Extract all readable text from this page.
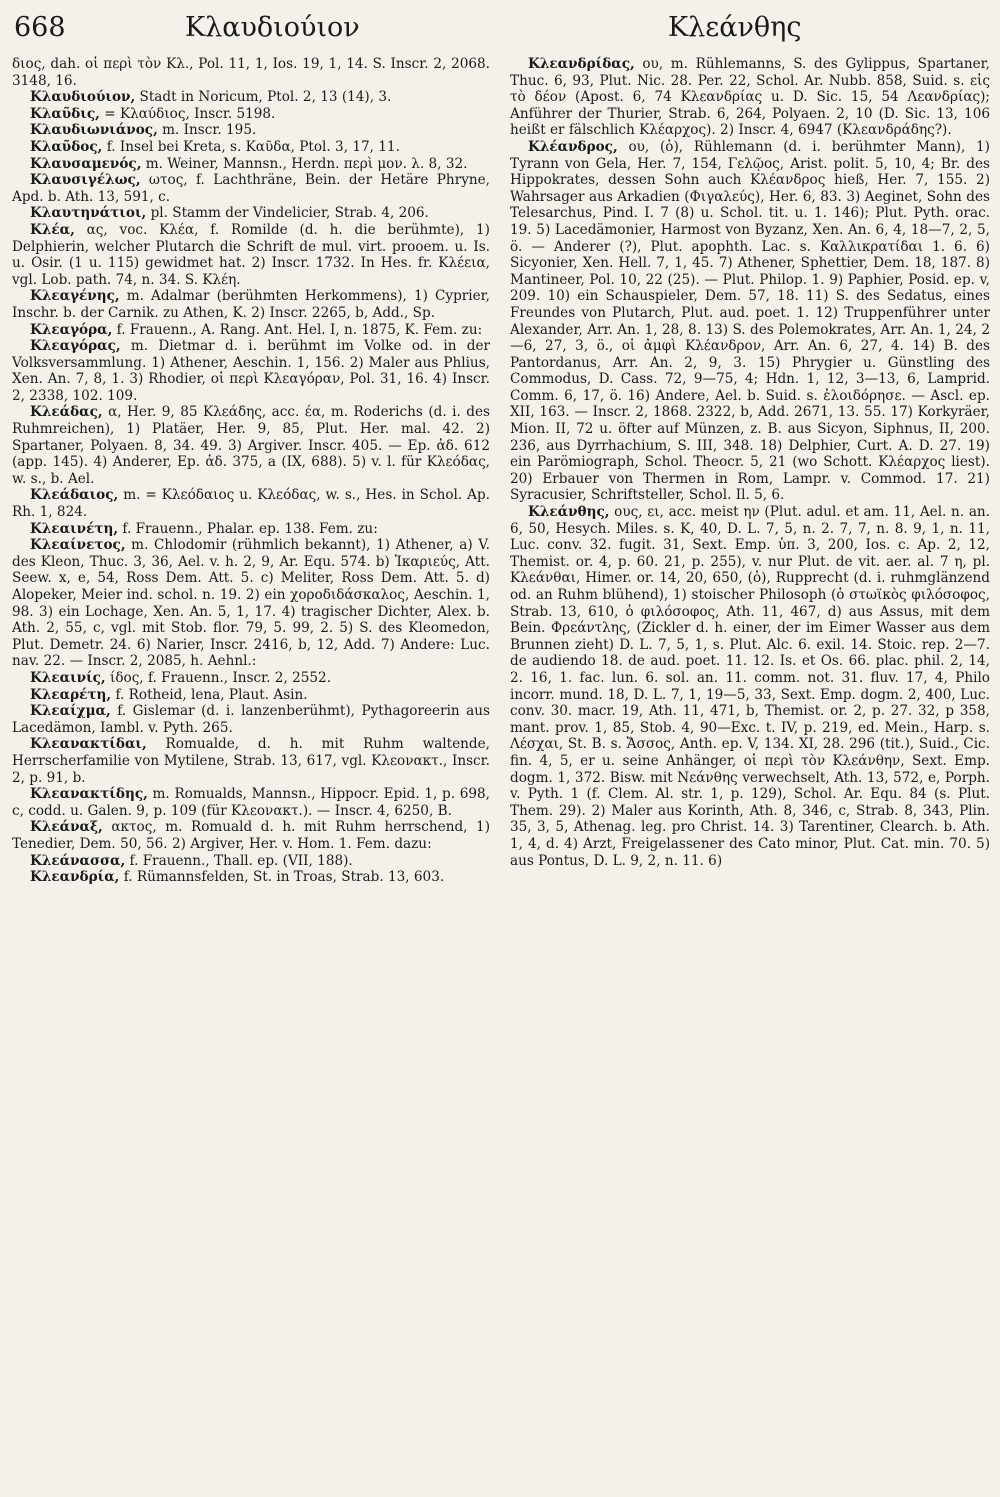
668	Κλαυδιούιον	Κλεάνθης

διος, dah. οἱ περὶ τὸν Κλ., Pol. 11, 1, Ios. 19, 1, 14. S. Inscr. 2, 2068. 3148, 16.

Κλαυδιούιον, Stadt in Noricum, Ptol. 2, 13 (14), 3.

Κλαῦδις, = Κλαύδιος, Inscr. 5198.

Κλαυδιωνιάνος, m. Inscr. 195.

Κλαῦδος, f. Insel bei Kreta, s. Καῦδα, Ptol. 3, 17, 11.

Κλαυσαμενός, m. Weiner, Mannsn., Herdn. περὶ μον. λ. 8, 32.

Κλαυσιγέλως, ωτος, f. Lachthräne, Bein. der Hetäre Phryne, Apd. b. Ath. 13, 591, c.

Κλαυτηνάτιοι, pl. Stamm der Vindelicier, Strab. 4, 206.

Κλέα, ας, voc. Κλέα, f. Romilde (d. h. die berühmte), 1) Delphierin, welcher Plutarch die Schrift de mul. virt. prooem. u. Is. u. Osir. (1 u. 115) gewidmet hat. 2) Inscr. 1732. In Hes. fr. Κλέεια, vgl. Lob. path. 74, n. 34. S. Κλέη.

Κλεαγένης, m. Adalmar (berühmten Herkommens), 1) Cyprier, Inschr. b. der Carnik. zu Athen, K. 2) Inscr. 2265, b, Add., Sp.

Κλεαγόρα, f. Frauenn., A. Rang. Ant. Hel. I, n. 1875, K. Fem. zu:

Κλεαγόρας, m. Dietmar d. i. berühmt im Volke od. in der Volksversammlung. 1) Athener, Aeschin. 1, 156. 2) Maler aus Phlius, Xen. An. 7, 8, 1. 3) Rhodier, οἱ περὶ Κλεαγόραν, Pol. 31, 16. 4) Inscr. 2, 2338, 102. 109.

Κλεάδας, α, Her. 9, 85 Κλεάδης, acc. έα, m. Roderichs (d. i. des Ruhmreichen), 1) Platäer, Her. 9, 85, Plut. Her. mal. 42. 2) Spartaner, Polyaen. 8, 34. 49. 3) Argiver. Inscr. 405. — Ep. ἀδ. 612 (app. 145). 4) Anderer, Ep. ἀδ. 375, a (IX, 688). 5) v. l. für Κλεόδας, w. s., b. Ael.

Κλεάδαιος, m. = Κλεόδαιος u. Κλεόδας, w. s., Hes. in Schol. Ap. Rh. 1, 824.

Κλεαινέτη, f. Frauenn., Phalar. ep. 138. Fem. zu:

Κλεαίνετος, m. Chlodomir (rühmlich bekannt), 1) Athener, a) V. des Kleon, Thuc. 3, 36, Ael. v. h. 2, 9, Ar. Equ. 574. b) Ἰκαριεύς, Att. Seew. x, e, 54, Ross Dem. Att. 5. c) Meliter, Ross Dem. Att. 5. d) Alopeker, Meier ind. schol. n. 19. 2) ein χοροδιδάσκαλος, Aeschin. 1, 98. 3) ein Lochage, Xen. An. 5, 1, 17. 4) tragischer Dichter, Alex. b. Ath. 2, 55, c, vgl. mit Stob. flor. 79, 5. 99, 2. 5) S. des Kleomedon, Plut. Demetr. 24. 6) Narier, Inscr. 2416, b, 12, Add. 7) Andere: Luc. nav. 22. — Inscr. 2, 2085, h. Aehnl.:

Κλεαινίς, ίδος, f. Frauenn., Inscr. 2, 2552.

Κλεαρέτη, f. Rotheid, lena, Plaut. Asin.

Κλεαίχμα, f. Gislemar (d. i. lanzenberühmt), Pythagoreerin aus Lacedämon, Iambl. v. Pyth. 265.

Κλεανακτίδαι, Romualde, d. h. mit Ruhm waltende, Herrscherfamilie von Mytilene, Strab. 13, 617, vgl. Κλεονακτ., Inscr. 2, p. 91, b.

Κλεανακτίδης, m. Romualds, Mannsn., Hippocr. Epid. 1, p. 698, c, codd. u. Galen. 9, p. 109 (für Κλεονακτ.). — Inscr. 4, 6250, B.

Κλεάναξ, ακτος, m. Romuald d. h. mit Ruhm herrschend, 1) Tenedier, Dem. 50, 56. 2) Argiver, Her. v. Hom. 1. Fem. dazu:

Κλεάνασσα, f. Frauenn., Thall. ep. (VII, 188).

Κλεανδρία, f. Rümannsfelden, St. in Troas, Strab. 13, 603.

Κλεανδρίδας, ου, m. Rühlemanns, S. des Gylippus, Spartaner, Thuc. 6, 93, Plut. Nic. 28. Per. 22, Schol. Ar. Nubb. 858, Suid. s. εἰς τὸ δέον (Apost. 6, 74 Κλεανδρίας u. D. Sic. 15, 54 Λεανδρίας); Anführer der Thurier, Strab. 6, 264, Polyaen. 2, 10 (D. Sic. 13, 106 heißt er fälschlich Κλέαρχος). 2) Inscr. 4, 6947 (Κλεανδράδης?).

Κλέανδρος, ου, (ὁ), Rühlemann (d. i. berühmter Mann), 1) Tyrann von Gela, Her. 7, 154, Γελῷος, Arist. polit. 5, 10, 4; Br. des Hippokrates, dessen Sohn auch Κλέανδρος hieß, Her. 7, 155. 2) Wahrsager aus Arkadien (Φιγαλεύς), Her. 6, 83. 3) Aeginet, Sohn des Telesarchus, Pind. I. 7 (8) u. Schol. tit. u. 1. 146); Plut. Pyth. orac. 19. 5) Lacedämonier, Harmost von Byzanz, Xen. An. 6, 4, 18—7, 2, 5, ö. — Anderer (?), Plut. apophth. Lac. s. Καλλικρατίδαι 1. 6. 6) Sicyonier, Xen. Hell. 7, 1, 45. 7) Athener, Sphettier, Dem. 18, 187. 8) Mantineer, Pol. 10, 22 (25). — Plut. Philop. 1. 9) Paphier, Posid. ep. v, 209. 10) ein Schauspieler, Dem. 57, 18. 11) S. des Sedatus, eines Freundes von Plutarch, Plut. aud. poet. 1. 12) Truppenführer unter Alexander, Arr. An. 1, 28, 8. 13) S. des Polemokrates, Arr. An. 1, 24, 2—6, 27, 3, ö., οἱ ἀμφὶ Κλέανδρον, Arr. An. 6, 27, 4. 14) B. des Pantordanus, Arr. An. 2, 9, 3. 15) Phrygier u. Günstling des Commodus, D. Cass. 72, 9—75, 4; Hdn. 1, 12, 3—13, 6, Lamprid. Comm. 6, 17, ö. 16) Andere, Ael. b. Suid. s. ἐλοιδόρησε. — Ascl. ep. XII, 163. — Inscr. 2, 1868. 2322, b, Add. 2671, 13. 55. 17) Korkyräer, Mion. II, 72 u. öfter auf Münzen, z. B. aus Sicyon, Siphnus, II, 200. 236, aus Dyrrhachium, S. III, 348. 18) Delphier, Curt. A. D. 27. 19) ein Parömiograph, Schol. Theocr. 5, 21 (wo Schott. Κλέαρχος liest). 20) Erbauer von Thermen in Rom, Lampr. v. Commod. 17. 21) Syracusier, Schriftsteller, Schol. Il. 5, 6.

Κλεάνθης, ους, ει, acc. meist ην (Plut. adul. et am. 11, Ael. n. an. 6, 50, Hesych. Miles. s. K, 40, D. L. 7, 5, n. 2. 7, 7, n. 8. 9, 1, n. 11, Luc. conv. 32. fugit. 31, Sext. Emp. ὑπ. 3, 200, Ios. c. Ap. 2, 12, Themist. or. 4, p. 60. 21, p. 255), v. nur Plut. de vit. aer. al. 7 η, pl. Κλεάνθαι, Himer. or. 14, 20, 650, (ὁ), Rupprecht (d. i. ruhmglänzend od. an Ruhm blühend), 1) stoischer Philosoph (ὁ στωϊκὸς φιλόσοφος, Strab. 13, 610, ὁ φιλόσοφος, Ath. 11, 467, d) aus Assus, mit dem Bein. Φρεάντλης, (Zickler d. h. einer, der im Eimer Wasser aus dem Brunnen zieht) D. L. 7, 5, 1, s. Plut. Alc. 6. exil. 14. Stoic. rep. 2—7. de audiendo 18. de aud. poet. 11. 12. Is. et Os. 66. plac. phil. 2, 14, 2. 16, 1. fac. lun. 6. sol. an. 11. comm. not. 31. fluv. 17, 4, Philo incorr. mund. 18, D. L. 7, 1, 19—5, 33, Sext. Emp. dogm. 2, 400, Luc. conv. 30. macr. 19, Ath. 11, 471, b, Themist. or. 2, p. 27. 32, p 358, mant. prov. 1, 85, Stob. 4, 90—Exc. t. IV, p. 219, ed. Mein., Harp. s. Λέσχαι, St. B. s. Ἄσσος, Anth. ep. V, 134. XI, 28. 296 (tit.), Suid., Cic. fin. 4, 5, er u. seine Anhänger, οἱ περὶ τὸν Κλεάνθην, Sext. Emp. dogm. 1, 372. Bisw. mit Νεάνθης verwechselt, Ath. 13, 572, e, Porph. v. Pyth. 1 (f. Clem. Al. str. 1, p. 129), Schol. Ar. Equ. 84 (s. Plut. Them. 29). 2) Maler aus Korinth, Ath. 8, 346, c, Strab. 8, 343, Plin. 35, 3, 5, Athenag. leg. pro Christ. 14. 3) Tarentiner, Clearch. b. Ath. 1, 4, d. 4) Arzt, Freigelassener des Cato minor, Plut. Cat. min. 70. 5) aus Pontus, D. L. 9, 2, n. 11. 6)
